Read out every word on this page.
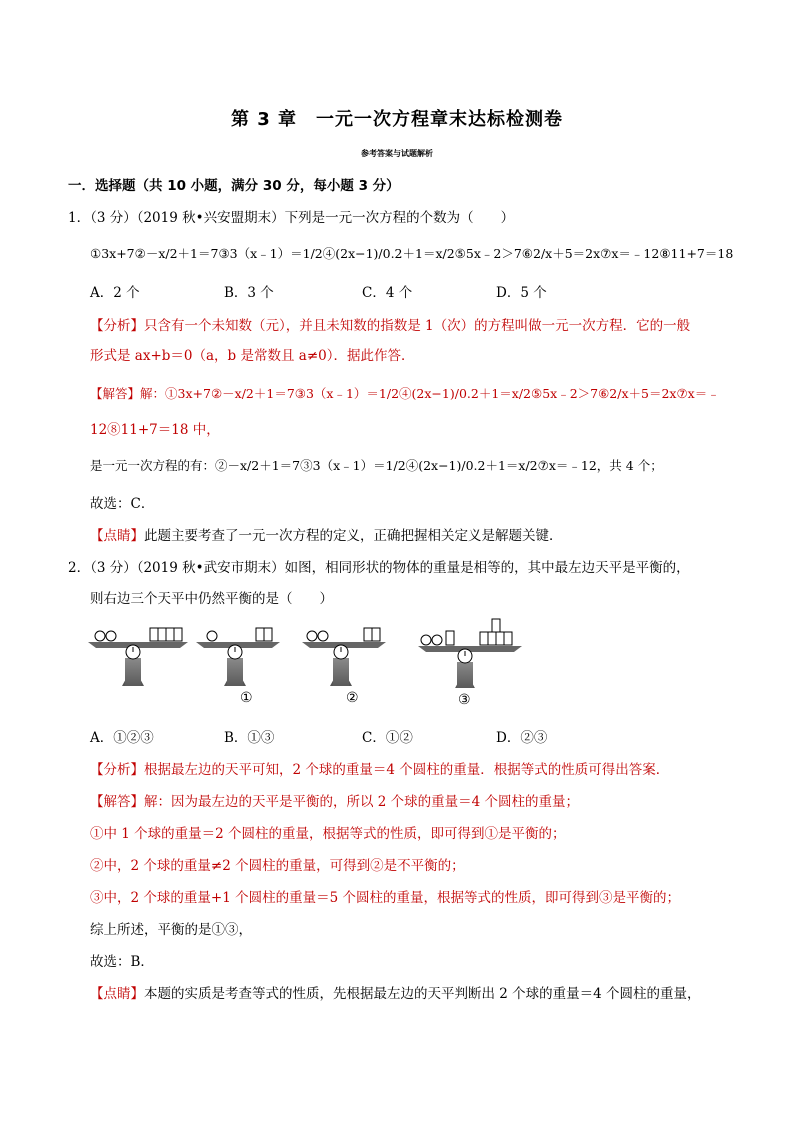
第 3 章　一元一次方程章末达标检测卷
参考答案与试题解析
一．选择题（共 10 小题，满分 30 分，每小题 3 分）
1．（3 分）（2019 秋•兴安盟期末）下列是一元一次方程的个数为（　　）
①3x+7②－x/2＋1＝7③3（x﹣1）＝1/2④(2x−1)/0.2＋1＝x/2⑤5x﹣2＞7⑥2/x＋5＝2x⑦x＝﹣12⑧11+7＝18
A．2 个	B．3 个	C．4 个	D．5 个
【分析】只含有一个未知数（元），并且未知数的指数是 1（次）的方程叫做一元一次方程．它的一般
形式是 ax+b＝0（a，b 是常数且 a≠0）．据此作答．
【解答】解：①3x+7②－x/2＋1＝7③3（x﹣1）＝1/2④(2x−1)/0.2＋1＝x/2⑤5x﹣2＞7⑥2/x＋5＝2x⑦x＝﹣
12⑧11+7＝18 中，
是一元一次方程的有：②－x/2＋1＝7③3（x﹣1）＝1/2④(2x−1)/0.2＋1＝x/2⑦x＝﹣12，共 4 个；
故选：C．
【点睛】此题主要考查了一元一次方程的定义，正确把握相关定义是解题关键．
2．（3 分）（2019 秋•武安市期末）如图，相同形状的物体的重量是相等的，其中最左边天平是平衡的，
则右边三个天平中仍然平衡的是（　　）
①	②	③
A．①②③	B．①③	C．①②	D．②③
【分析】根据最左边的天平可知，2 个球的重量＝4 个圆柱的重量．根据等式的性质可得出答案．
【解答】解：因为最左边的天平是平衡的，所以 2 个球的重量＝4 个圆柱的重量；
①中 1 个球的重量＝2 个圆柱的重量，根据等式的性质，即可得到①是平衡的；
②中，2 个球的重量≠2 个圆柱的重量，可得到②是不平衡的；
③中，2 个球的重量+1 个圆柱的重量＝5 个圆柱的重量，根据等式的性质，即可得到③是平衡的；
综上所述，平衡的是①③，
故选：B．
【点睛】本题的实质是考查等式的性质，先根据最左边的天平判断出 2 个球的重量＝4 个圆柱的重量，
